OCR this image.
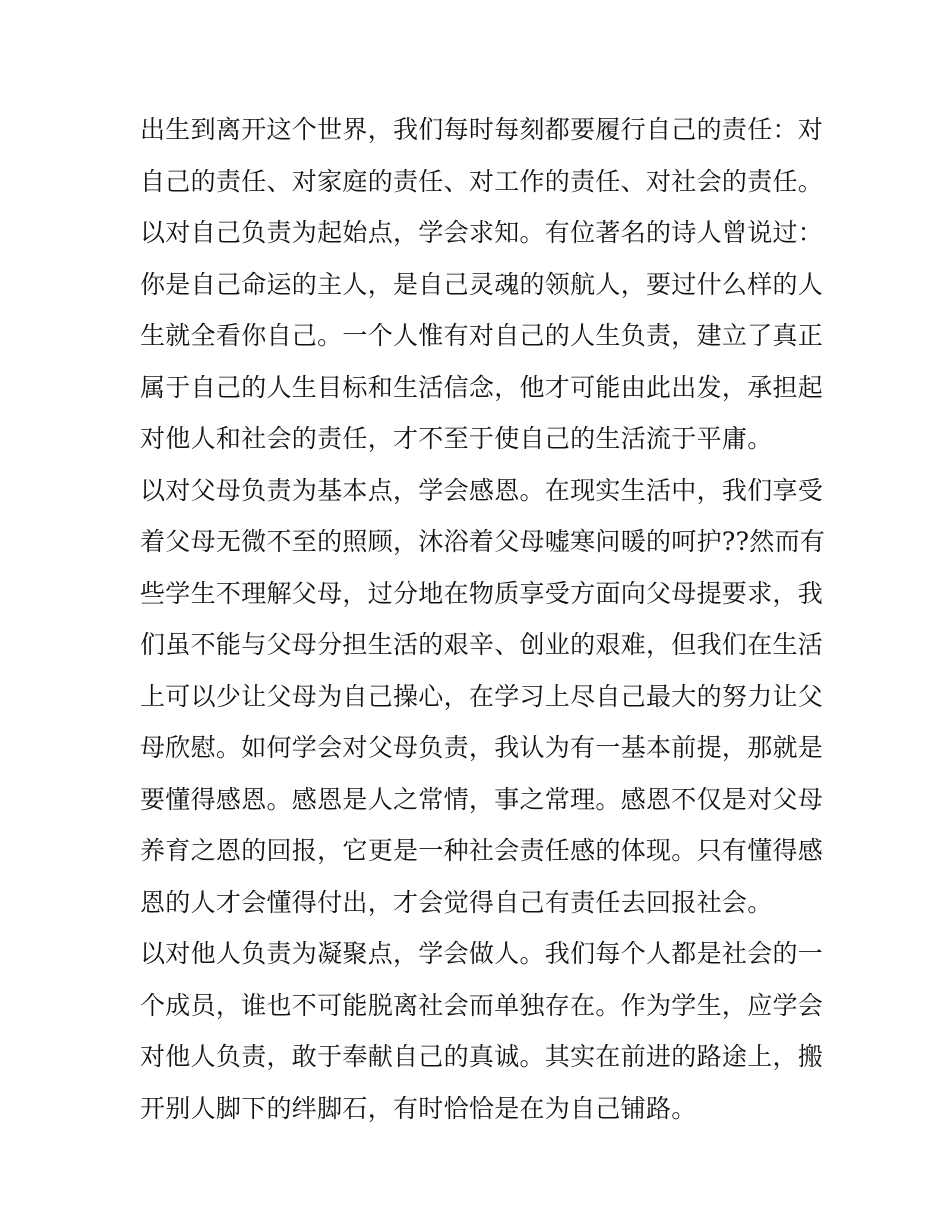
出生到离开这个世界，我们每时每刻都要履行自己的责任：对
自己的责任、对家庭的责任、对工作的责任、对社会的责任。
以对自己负责为起始点，学会求知。有位著名的诗人曾说过：
你是自己命运的主人，是自己灵魂的领航人，要过什么样的人
生就全看你自己。一个人惟有对自己的人生负责，建立了真正
属于自己的人生目标和生活信念，他才可能由此出发，承担起
对他人和社会的责任，才不至于使自己的生活流于平庸。
以对父母负责为基本点，学会感恩。在现实生活中，我们享受
着父母无微不至的照顾，沐浴着父母嘘寒问暖的呵护??然而有
些学生不理解父母，过分地在物质享受方面向父母提要求，我
们虽不能与父母分担生活的艰辛、创业的艰难，但我们在生活
上可以少让父母为自己操心，在学习上尽自己最大的努力让父
母欣慰。如何学会对父母负责，我认为有一基本前提，那就是
要懂得感恩。感恩是人之常情，事之常理。感恩不仅是对父母
养育之恩的回报，它更是一种社会责任感的体现。只有懂得感
恩的人才会懂得付出，才会觉得自己有责任去回报社会。
以对他人负责为凝聚点，学会做人。我们每个人都是社会的一
个成员，谁也不可能脱离社会而单独存在。作为学生，应学会
对他人负责，敢于奉献自己的真诚。其实在前进的路途上，搬
开别人脚下的绊脚石，有时恰恰是在为自己铺路。
